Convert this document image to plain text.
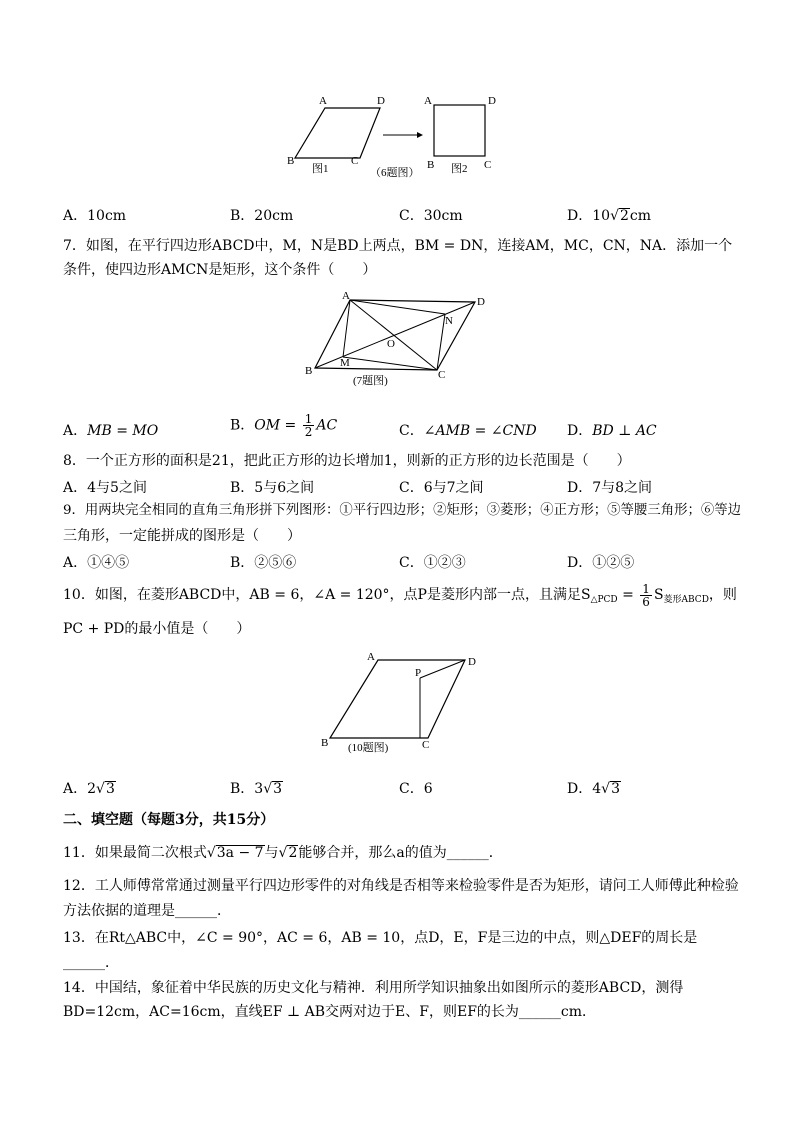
A	D
B	C
图1
A	D
B	C
图2
（6题图）
A．10cm	B．20cm	C．30cm	D．10√2cm
7．如图，在平行四边形ABCD中，M，N是BD上两点，BM = DN，连接AM，MC，CN，NA．添加一个
条件，使四边形AMCN是矩形，这个条件（　　）
A	D
B	C
M
N
O
(7题图)
A．MB = MO	B．OM = $\frac{1}{2}$ AC	C．∠AMB = ∠CND D．BD ⊥ AC
8．一个正方形的面积是21，把此正方形的边长增加1，则新的正方形的边长范围是（　　）
A．4与5之间	B．5与6之间	C．6与7之间	D．7与8之间
9．用两块完全相同的直角三角形拼下列图形：①平行四边形；②矩形；③菱形；④正方形；⑤等腰三角形；⑥等边
三角形，一定能拼成的图形是（　　）
A．①④⑤	B．②⑤⑥	C．①②③	D．①②⑤
10．如图，在菱形ABCD中，AB = 6，∠A = 120°，点P是菱形内部一点，且满足$S_{\triangle PCD} = \frac{1}{6} S_{菱形ABCD}$，则
PC + PD的最小值是（　　）
A	D
P
B	C
(10题图)
A．2√3	B．3√3	C．6	D．4√3
二、填空题（每题3分，共15分）
11．如果最简二次根式√3a − 7与√2能够合并，那么a的值为______．
12．工人师傅常常通过测量平行四边形零件的对角线是否相等来检验零件是否为矩形，请问工人师傅此种检验
方法依据的道理是______．
13．在Rt△ABC中，∠C = 90°，AC = 6，AB = 10，点D，E，F是三边的中点，则△DEF的周长是
______．
14．中国结，象征着中华民族的历史文化与精神．利用所学知识抽象出如图所示的菱形ABCD，测得
BD=12cm，AC=16cm，直线EF ⊥ AB交两对边于E、F，则EF的长为______cm．
